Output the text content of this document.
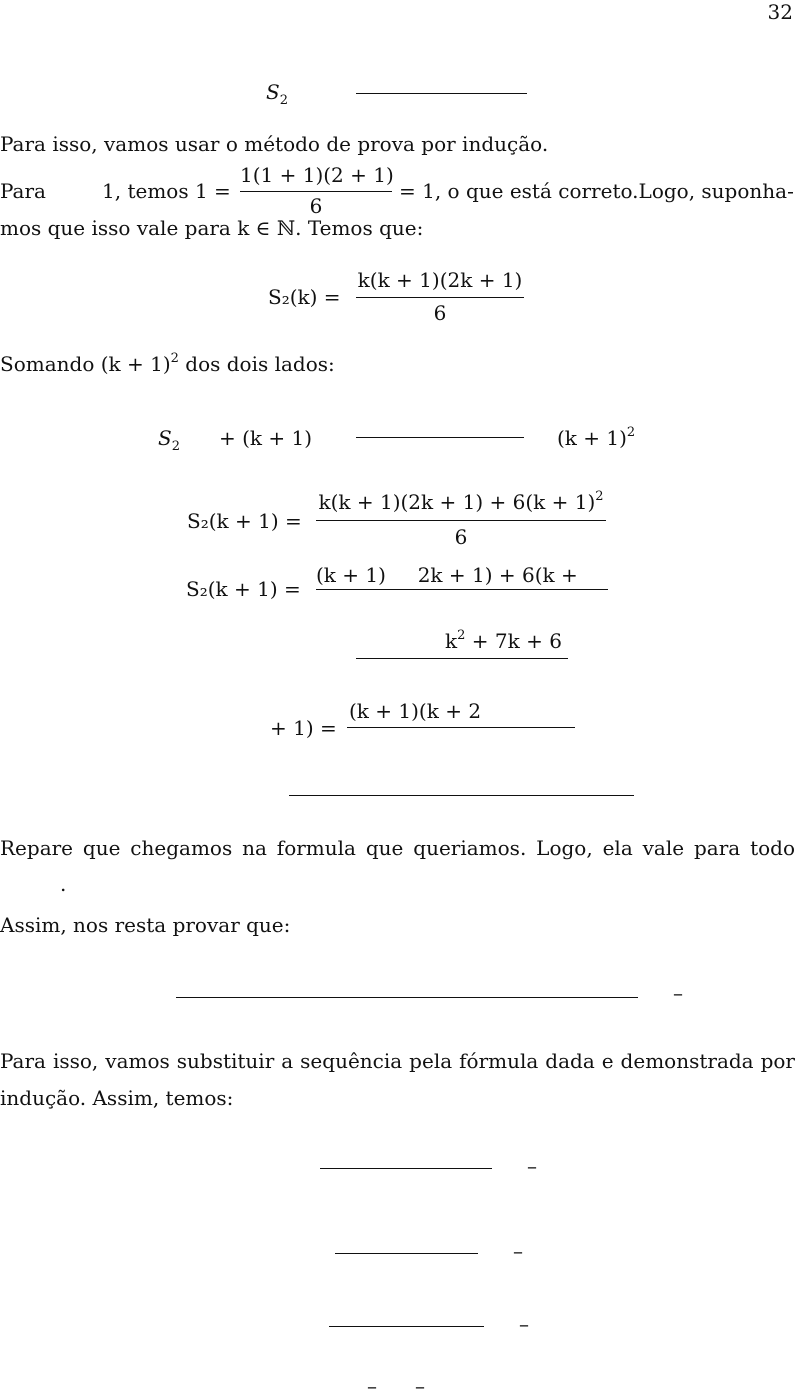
32
$S_2$
Para isso, vamos usar o método de prova por indução.
Para	1, temos 1 =
1(1 + 1)(2 + 1)
6
= 1, o que está correto.Logo, suponha-
mos que isso vale para k ∈ ℕ. Temos que:
S₂(k) =
k(k + 1)(2k + 1)
6
Somando $(k + 1)^2$ dos dois lados:
$S_2 + (k + 1)$	$(k + 1)^2$
S₂(k + 1) =
$k(k + 1)(2k + 1) + 6(k + 1)^2$
6
S₂(k + 1) =
(k + 1)     2k + 1) + 6(k +
$k^2 + 7k + 6$
+ 1) =
(k + 1)(k + 2
Repare que chegamos na formula que queriamos. Logo, ela vale para todo
.
Assim, nos resta provar que:
–
Para isso, vamos substituir a sequência pela fórmula dada e demonstrada por
indução. Assim, temos:
–
–
–
– –
